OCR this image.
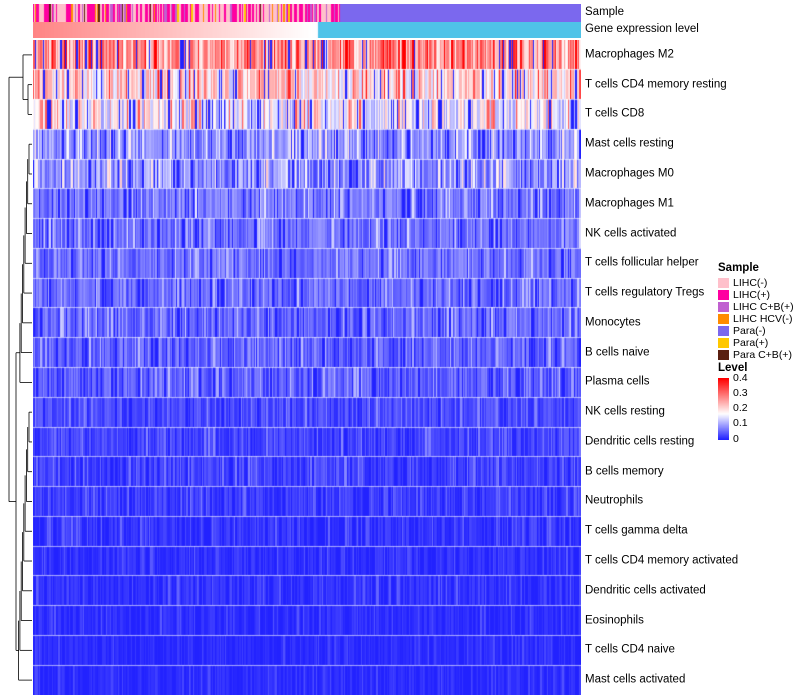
Sample
Gene expression level
Macrophages M2
T cells CD4 memory resting
T cells CD8
Mast cells resting
Macrophages M0
Macrophages M1
NK cells activated
T cells follicular helper
T cells regulatory Tregs
Monocytes
B cells naive
Plasma cells
NK cells resting
Dendritic cells resting
B cells memory
Neutrophils
T cells gamma delta
T cells CD4 memory activated
Dendritic cells activated
Eosinophils
T cells CD4 naive
Mast cells activated
Sample
LIHC(-)
LIHC(+)
LIHC C+B(+)
LIHC HCV(-)
Para(-)
Para(+)
Para C+B(+)
Level
0.4
0.3
0.2
0.1
0
